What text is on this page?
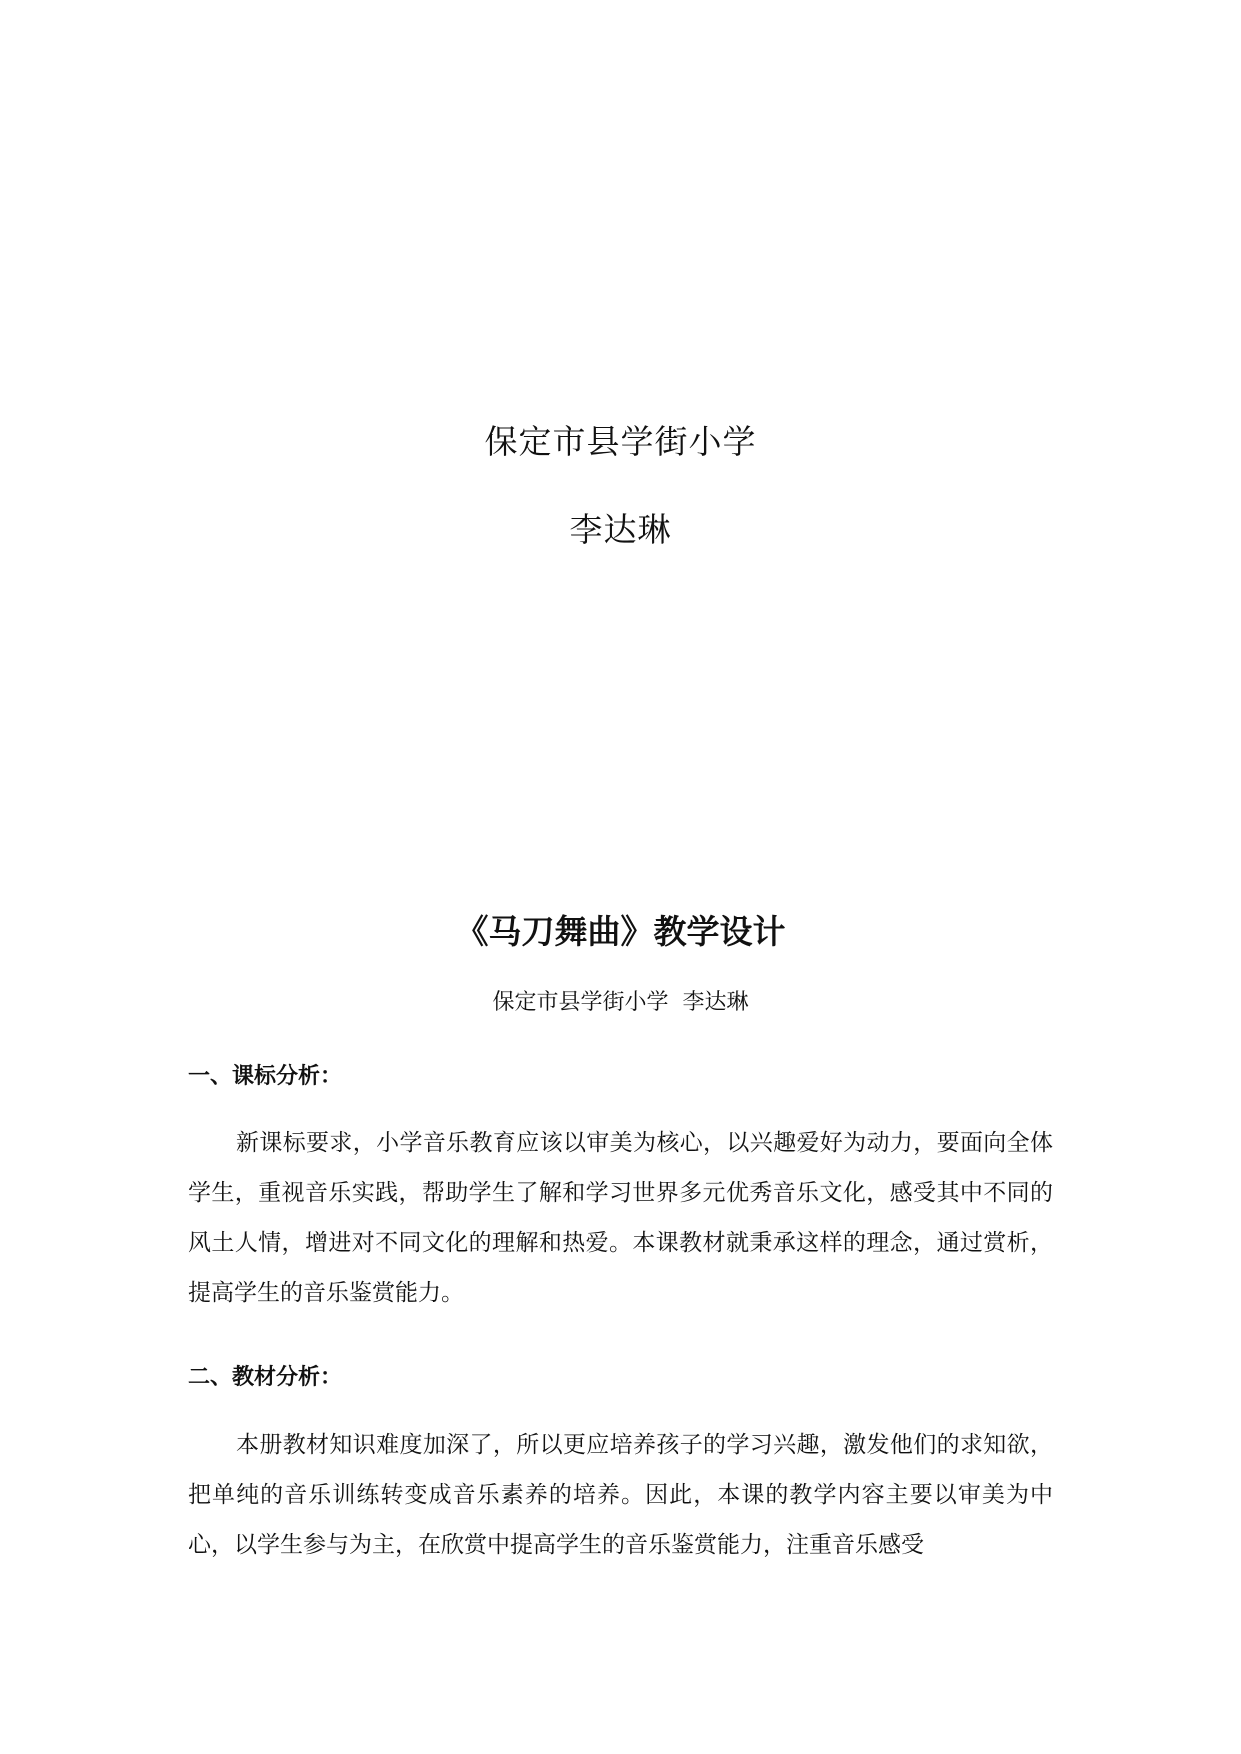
保定市县学街小学
李达琳
《马刀舞曲》教学设计
保定市县学街小学  李达琳
一、课标分析：

新课标要求，小学音乐教育应该以审美为核心，以兴趣爱好为动力，要面向全体学生，重视音乐实践，帮助学生了解和学习世界多元优秀音乐文化，感受其中不同的风土人情，增进对不同文化的理解和热爱。本课教材就秉承这样的理念，通过赏析，提高学生的音乐鉴赏能力。

二、教材分析：

本册教材知识难度加深了，所以更应培养孩子的学习兴趣，激发他们的求知欲，把单纯的音乐训练转变成音乐素养的培养。因此，本课的教学内容主要以审美为中心，以学生参与为主，在欣赏中提高学生的音乐鉴赏能力，注重音乐感受
